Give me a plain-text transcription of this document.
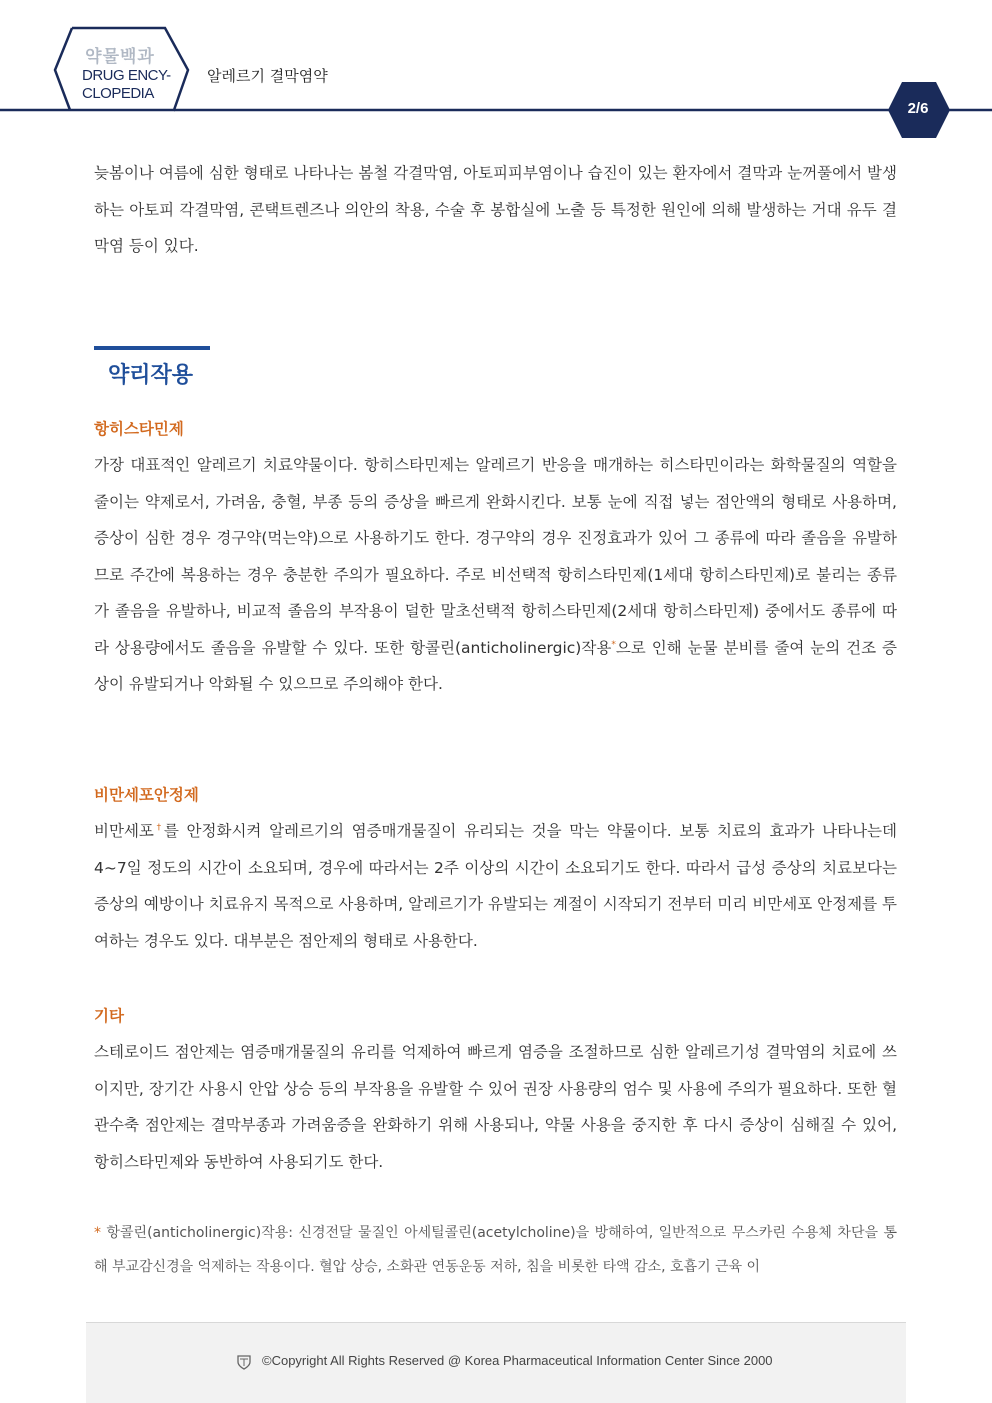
약물백과
DRUG ENCY-
CLOPEDIA
알레르기 결막염약
2/6

늦봄이나 여름에 심한 형태로 나타나는 봄철 각결막염, 아토피피부염이나 습진이 있는 환자에서 결막과 눈꺼풀에서 발생하는 아토피 각결막염, 콘택트렌즈나 의안의 착용, 수술 후 봉합실에 노출 등 특정한 원인에 의해 발생하는 거대 유두 결막염 등이 있다.

약리작용
항히스타민제

가장 대표적인 알레르기 치료약물이다. 항히스타민제는 알레르기 반응을 매개하는 히스타민이라는 화학물질의 역할을 줄이는 약제로서, 가려움, 충혈, 부종 등의 증상을 빠르게 완화시킨다. 보통 눈에 직접 넣는 점안액의 형태로 사용하며, 증상이 심한 경우 경구약(먹는약)으로 사용하기도 한다. 경구약의 경우 진정효과가 있어 그 종류에 따라 졸음을 유발하므로 주간에 복용하는 경우 충분한 주의가 필요하다. 주로 비선택적 항히스타민제(1세대 항히스타민제)로 불리는 종류가 졸음을 유발하나, 비교적 졸음의 부작용이 덜한 말초선택적 항히스타민제(2세대 항히스타민제) 중에서도 종류에 따라 상용량에서도 졸음을 유발할 수 있다. 또한 항콜린(anticholinergic)작용*으로 인해 눈물 분비를 줄여 눈의 건조 증상이 유발되거나 악화될 수 있으므로 주의해야 한다.

비만세포안정제

비만세포†를 안정화시켜 알레르기의 염증매개물질이 유리되는 것을 막는 약물이다. 보통 치료의 효과가 나타나는데 4~7일 정도의 시간이 소요되며, 경우에 따라서는 2주 이상의 시간이 소요되기도 한다. 따라서 급성 증상의 치료보다는 증상의 예방이나 치료유지 목적으로 사용하며, 알레르기가 유발되는 계절이 시작되기 전부터 미리 비만세포 안정제를 투여하는 경우도 있다. 대부분은 점안제의 형태로 사용한다.

기타

스테로이드 점안제는 염증매개물질의 유리를 억제하여 빠르게 염증을 조절하므로 심한 알레르기성 결막염의 치료에 쓰이지만, 장기간 사용시 안압 상승 등의 부작용을 유발할 수 있어 권장 사용량의 엄수 및 사용에 주의가 필요하다. 또한 혈관수축 점안제는 결막부종과 가려움증을 완화하기 위해 사용되나, 약물 사용을 중지한 후 다시 증상이 심해질 수 있어, 항히스타민제와 동반하여 사용되기도 한다.

* 항콜린(anticholinergic)작용: 신경전달 물질인 아세틸콜린(acetylcholine)을 방해하여, 일반적으로 무스카린 수용체 차단을 통해 부교감신경을 억제하는 작용이다. 혈압 상승, 소화관 연동운동 저하, 침을 비롯한 타액 감소, 호흡기 근육 이
©Copyright All Rights Reserved @ Korea Pharmaceutical Information Center Since 2000
